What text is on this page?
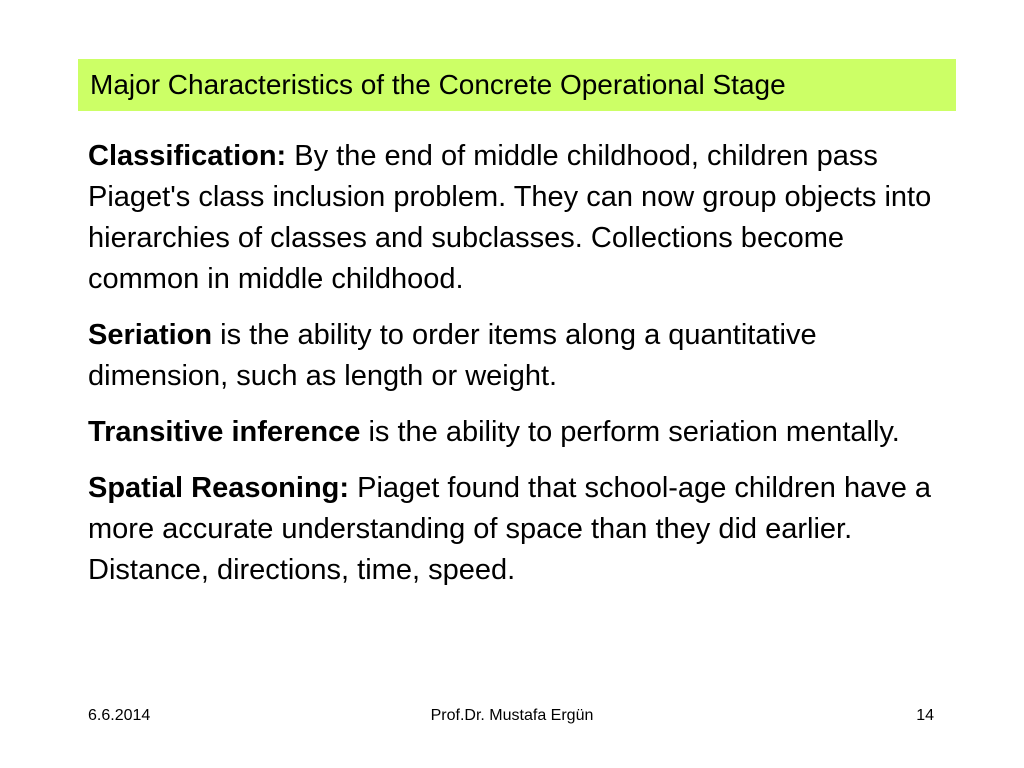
Major Characteristics of the Concrete Operational Stage

Classification: By the end of middle childhood, children pass Piaget's class inclusion problem. They can now group objects into hierarchies of classes and subclasses. Collections become common in middle childhood.

Seriation is the ability to order items along a quantitative dimension, such as length or weight.

Transitive inference is the ability to perform seriation mentally.

Spatial Reasoning: Piaget found that school-age children have a more accurate understanding of space than they did earlier. Distance, directions, time, speed.

6.6.2014	Prof.Dr. Mustafa Ergün	14
